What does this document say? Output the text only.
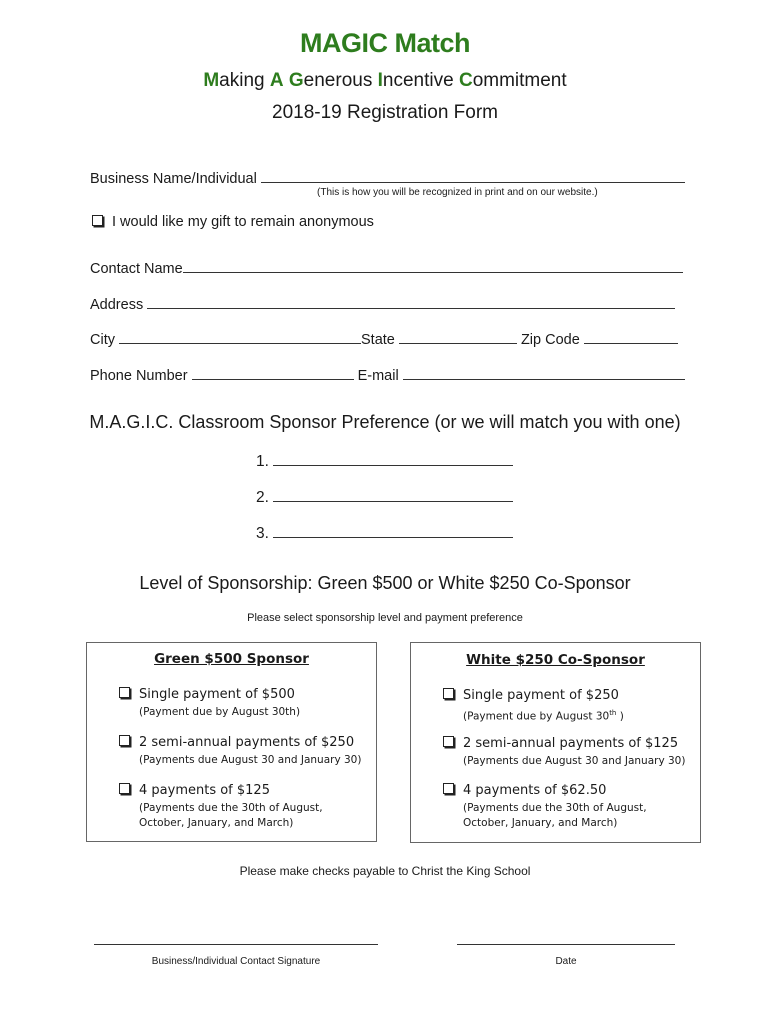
MAGIC Match
Making A Generous Incentive Commitment
2018-19 Registration Form
Business Name/Individual
(This is how you will be recognized in print and on our website.)
I would like my gift to remain anonymous
Contact Name
Address
City	State	Zip Code
Phone Number	E-mail
M.A.G.I.C. Classroom Sponsor Preference (or we will match you with one)
1.
2.
3.
Level of Sponsorship: Green $500 or White $250 Co-Sponsor
Please select sponsorship level and payment preference
Green $500 Sponsor
Single payment of $500
(Payment due by August 30th)
2 semi-annual payments of $250
(Payments due August 30 and January 30)
4 payments of $125
(Payments due the 30th of August, October, January, and March)
White $250 Co-Sponsor
Single payment of $250
(Payment due by August 30th )
2 semi-annual payments of $125
(Payments due August 30 and January 30)
4 payments of $62.50
(Payments due the 30th of August, October, January, and March)
Please make checks payable to Christ the King School
Business/Individual Contact Signature	Date
